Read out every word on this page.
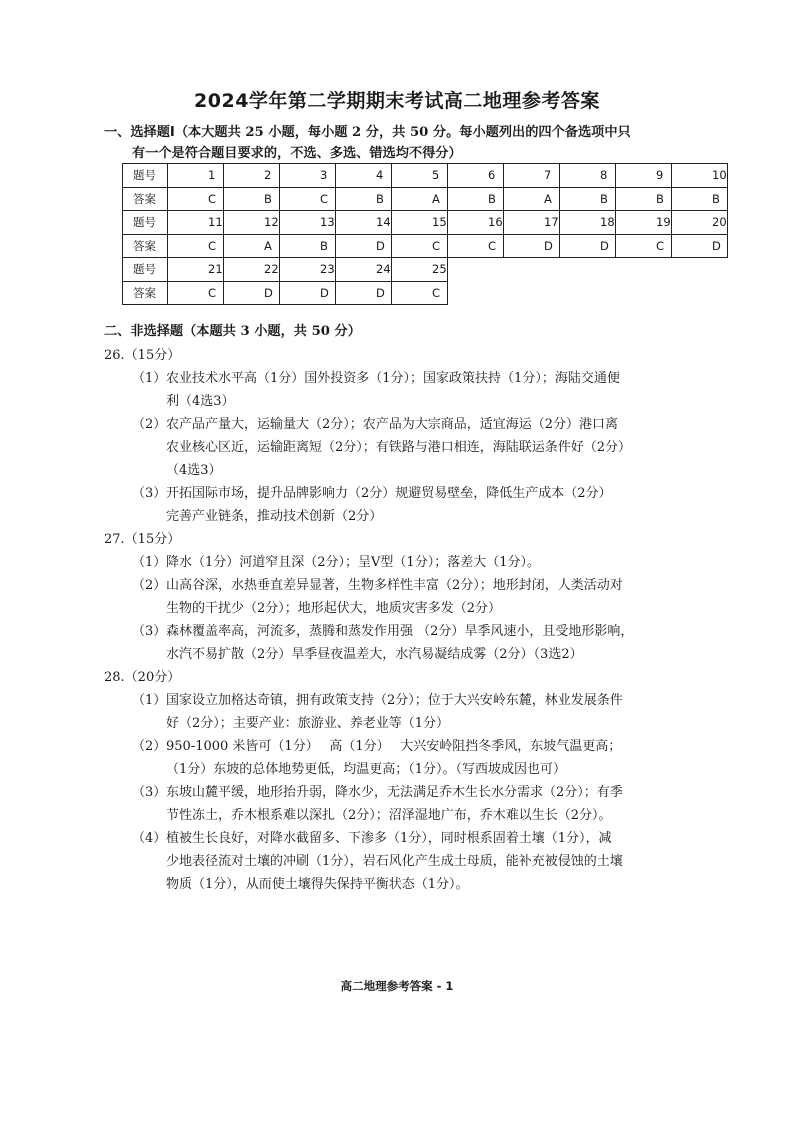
2024学年第二学期期末考试高二地理参考答案
一、选择题Ⅰ（本大题共 25 小题，每小题 2 分，共 50 分。每小题列出的四个备选项中只
有一个是符合题目要求的，不选、多选、错选均不得分）
题号	1	2	3	4	5	6	7	8	9	10
答案	C	B	C	B	A	B	A	B	B	B
题号	11	12	13	14	15	16	17	18	19	20
答案	C	A	B	D	C	C	D	D	C	D
题号	21	22	23	24	25					
答案	C	D	D	D	C					
二、非选择题（本题共 3 小题，共 50 分）
26.（15分）
（1） 农业技术水平高（1分）国外投资多（1分）；国家政策扶持（1分）；海陆交通便
利（4选3）
（2） 农产品产量大，运输量大（2分）；农产品为大宗商品，适宜海运（2分）港口离
农业核心区近，运输距离短（2分）；有铁路与港口相连，海陆联运条件好（2分）
（4选3）
（3） 开拓国际市场，提升品牌影响力（2分）规避贸易壁垒，降低生产成本（2分）
完善产业链条，推动技术创新（2分）
27.（15分）
（1） 降水（1分）河道窄且深（2分）；呈V型（1分）；落差大（1分）。
（2） 山高谷深，水热垂直差异显著，生物多样性丰富（2分）；地形封闭，人类活动对
生物的干扰少（2分）；地形起伏大，地质灾害多发（2分）
（3） 森林覆盖率高，河流多，蒸腾和蒸发作用强 （2分）旱季风速小，且受地形影响，
水汽不易扩散（2分）旱季昼夜温差大，水汽易凝结成雾（2分）（3选2）
28.（20分）
（1） 国家设立加格达奇镇，拥有政策支持（2分）；位于大兴安岭东麓，林业发展条件
好（2分）；主要产业：旅游业、养老业等（1分）
（2） 950-1000 米皆可（1分）　 高（1分）　 大兴安岭阻挡冬季风，东坡气温更高；
（1分）东坡的总体地势更低，均温更高；（1分）。（写西坡成因也可）
（3） 东坡山麓平缓，地形抬升弱，降水少，无法满足乔木生长水分需求（2分）；有季
节性冻土，乔木根系难以深扎（2分）；沼泽湿地广布，乔木难以生长（2分）。
（4） 植被生长良好，对降水截留多、下渗多（1分），同时根系固着土壤（1分），减
少地表径流对土壤的冲刷（1分），岩石风化产生成土母质，能补充被侵蚀的土壤
物质（1分），从而使土壤得失保持平衡状态（1分）。
高二地理参考答案 - 1
